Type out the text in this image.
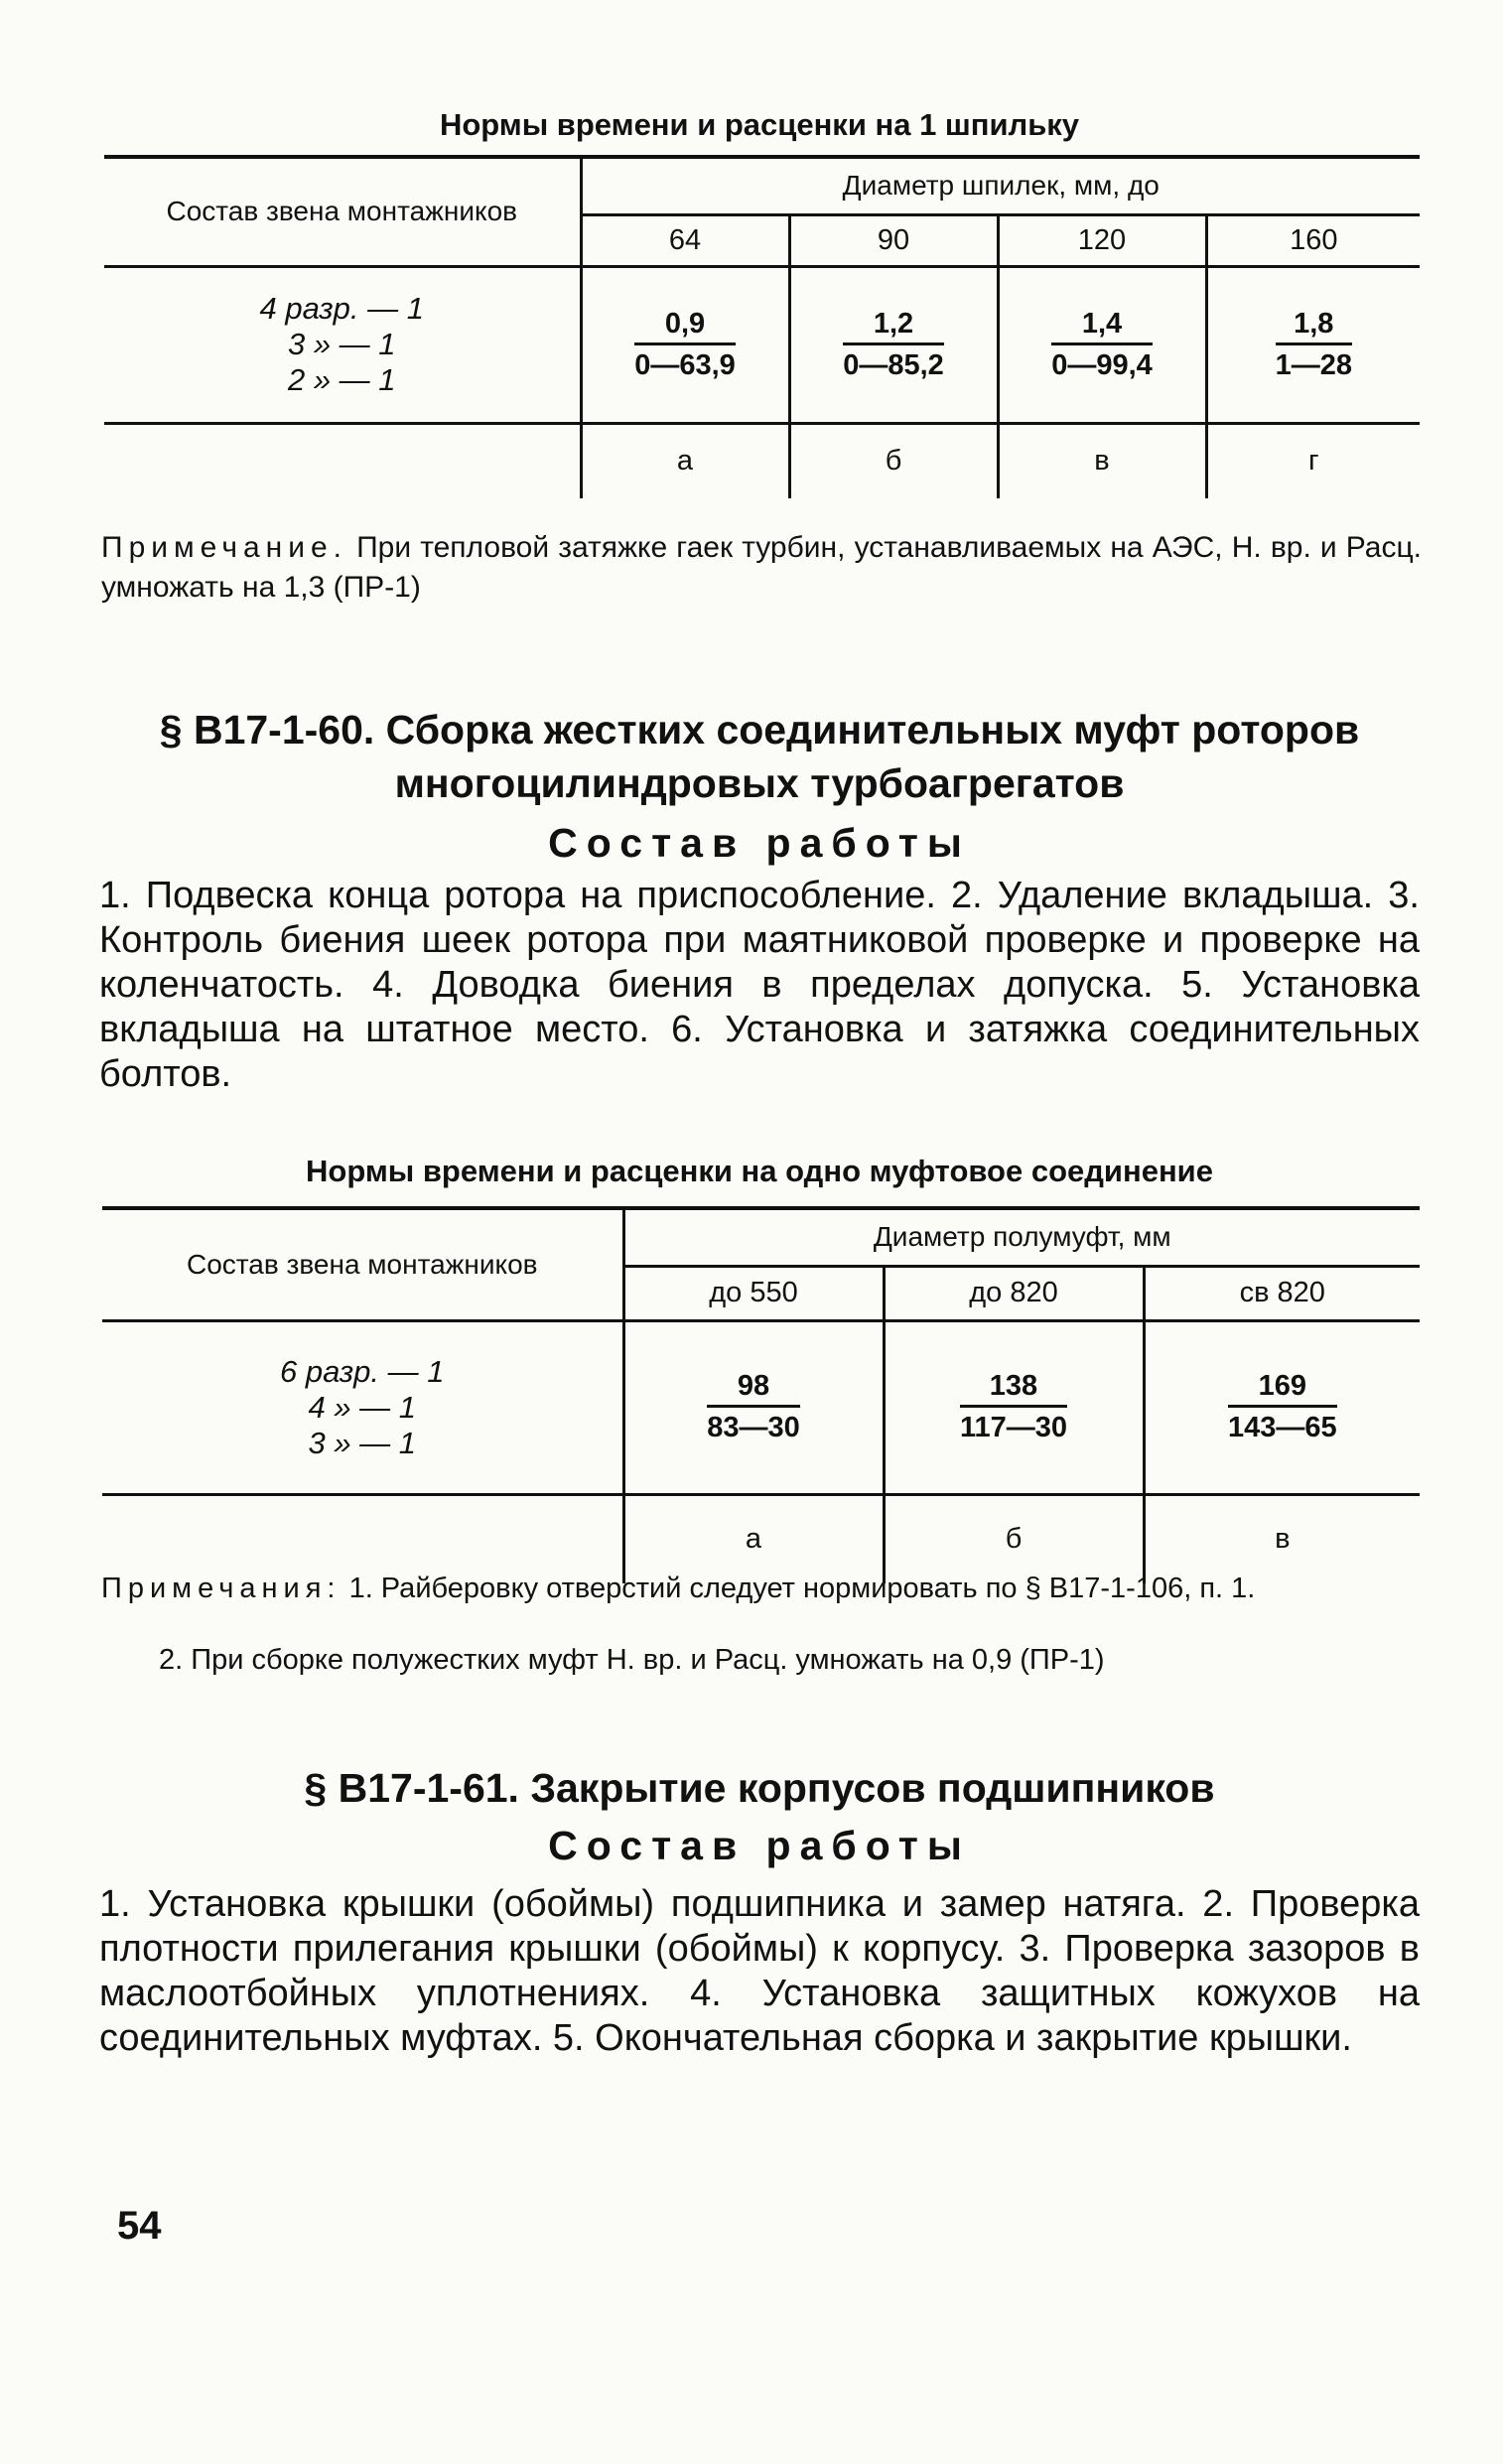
Нормы времени и расценки на 1 шпильку
Состав звена монтажников	Диаметр шпилек, мм, до			
	64	90	120	160

4 разр. — 1
3 » — 1
2 » — 1	$\frac{0,9}{0—63,9}$	$\frac{1,2}{0—85,2}$	$\frac{1,4}{0—99,4}$	$\frac{1,8}{1—28}$

	а	б	в	г
Примечание. При тепловой затяжке гаек турбин, устанавливаемых на АЭС, Н. вр. и Расц. умножать на 1,3 (ПР-1)
§ В17-1-60. Сборка жестких соединительных муфт роторов многоцилиндровых турбоагрегатов
Состав работы
1. Подвеска конца ротора на приспособление. 2. Удаление вкладыша. 3. Контроль биения шеек ротора при маятниковой проверке и проверке на коленчатость. 4. Доводка биения в пределах допуска. 5. Установка вкладыша на штатное место. 6. Установка и затяжка соединительных болтов.
Нормы времени и расценки на одно муфтовое соединение
Состав звена монтажников	Диаметр полумуфт, мм		
	до 550	до 820	св 820

6 разр. — 1
4 » — 1
3 » — 1	$\frac{98}{83—30}$	$\frac{138}{117—30}$	$\frac{169}{143—65}$

	а	б	в
Примечания: 1. Райберовку отверстий следует нормировать по § В17-1-106, п. 1.
2. При сборке полужестких муфт Н. вр. и Расц. умножать на 0,9 (ПР-1)
§ В17-1-61. Закрытие корпусов подшипников
Состав работы
1. Установка крышки (обоймы) подшипника и замер натяга. 2. Проверка плотности прилегания крышки (обоймы) к корпусу. 3. Проверка зазоров в маслоотбойных уплотнениях. 4. Установка защитных кожухов на соединительных муфтах. 5. Окончательная сборка и закрытие крышки.
54
